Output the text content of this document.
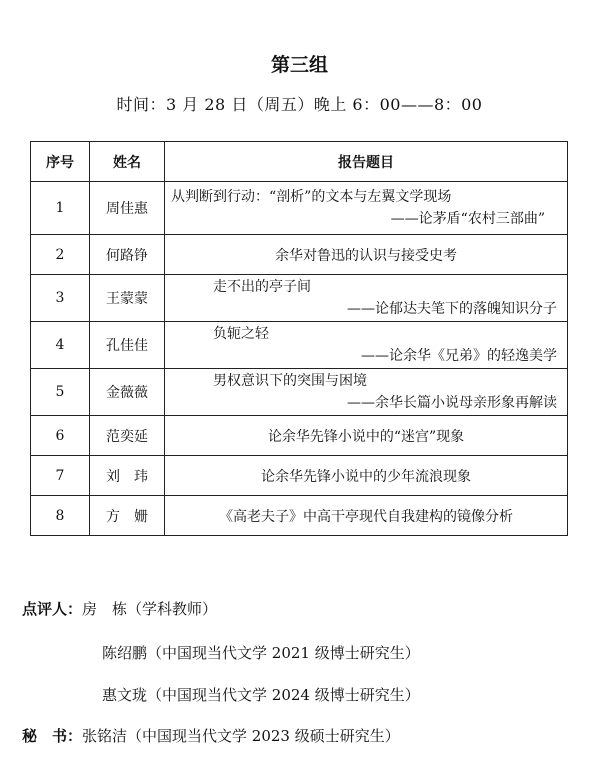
第三组
时间：3 月 28 日（周五）晚上 6：00——8：00
序号	姓名	报告题目
1	周佳惠	从判断到行动：“剖析”的文本与左翼文学现场
——论茅盾“农村三部曲”

2	何路铮	余华对鲁迅的认识与接受史考
3	王蒙蒙	走不出的亭子间
——论郁达夫笔下的落魄知识分子

4	孔佳佳	负轭之轻
——论余华《兄弟》的轻逸美学

5	金薇薇	男权意识下的突围与困境
——余华长篇小说母亲形象再解读

6	范奕延	论余华先锋小说中的“迷宫”现象
7	刘　玮	论余华先锋小说中的少年流浪现象
8	方　姗	《高老夫子》中高干亭现代自我建构的镜像分析
点评人：房　栋（学科教师）
陈绍鹏（中国现当代文学 2021 级博士研究生）
惠文珑（中国现当代文学 2024 级博士研究生）
秘　书：张铭洁（中国现当代文学 2023 级硕士研究生）
